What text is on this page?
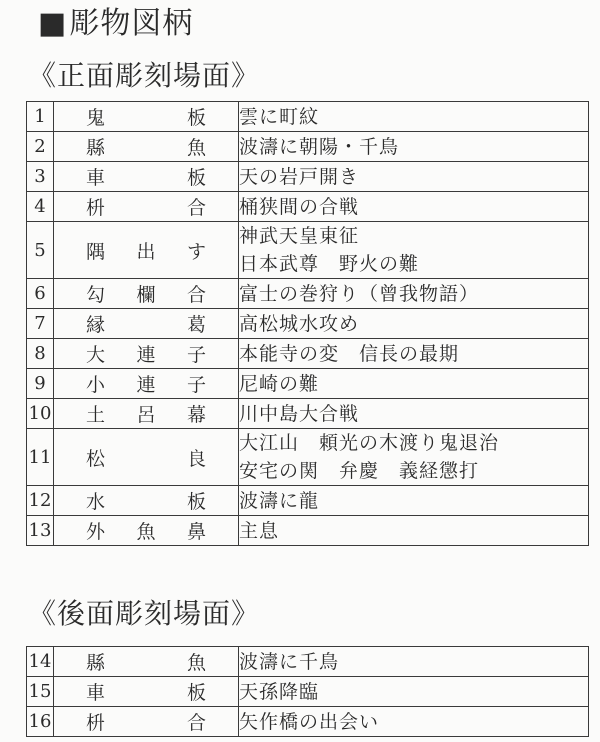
■彫物図柄
《正面彫刻場面》
1	鬼　　板	雲に町紋

2	縣　　魚	波濤に朝陽・千鳥

3	車　　板	天の岩戸開き

4	枡　　合	桶狭間の合戦

5	隅出す	神武天皇東征
日本武尊　野火の難

6	勾欄合	富士の巻狩り（曾我物語）

7	縁　　葛	高松城水攻め

8	大連子	本能寺の変　信長の最期

9	小連子	尼崎の難

10	土呂幕	川中島大合戦

11	松　　良	大江山　頼光の木渡り鬼退治
安宅の関　弁慶　義経懲打

12	水　　板	波濤に龍

13	外魚鼻	主息
《後面彫刻場面》
14	縣　　魚	波濤に千鳥

15	車　　板	天孫降臨

16	枡　　合	矢作橋の出会い
